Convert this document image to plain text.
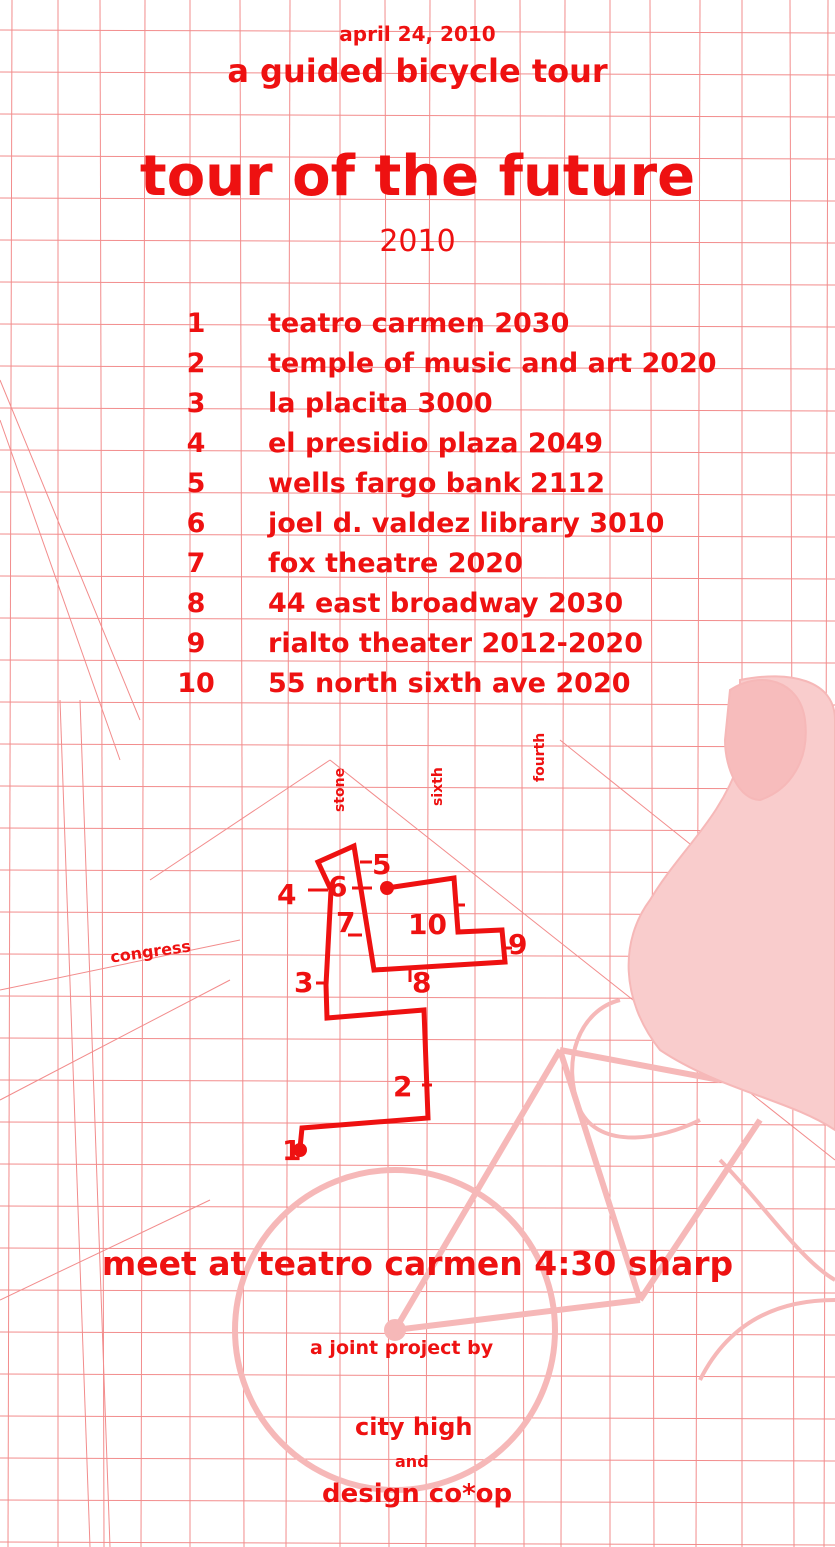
april 24, 2010
a guided bicycle tour
tour of the future
2010
1	teatro carmen 2030
2	temple of music and art 2020
3	la placita 3000
4	el presidio plaza 2049
5	wells fargo bank 2112
6	joel d. valdez library 3010
7	fox theatre 2020
8	44 east broadway 2030
9	rialto theater 2012-2020
10 55 north sixth ave 2020
stone	sixth
fourth
congress
1
2
3
4
5
6
7
8
9
10
meet at teatro carmen 4:30 sharp
a joint project by
city high
and
design co*op
